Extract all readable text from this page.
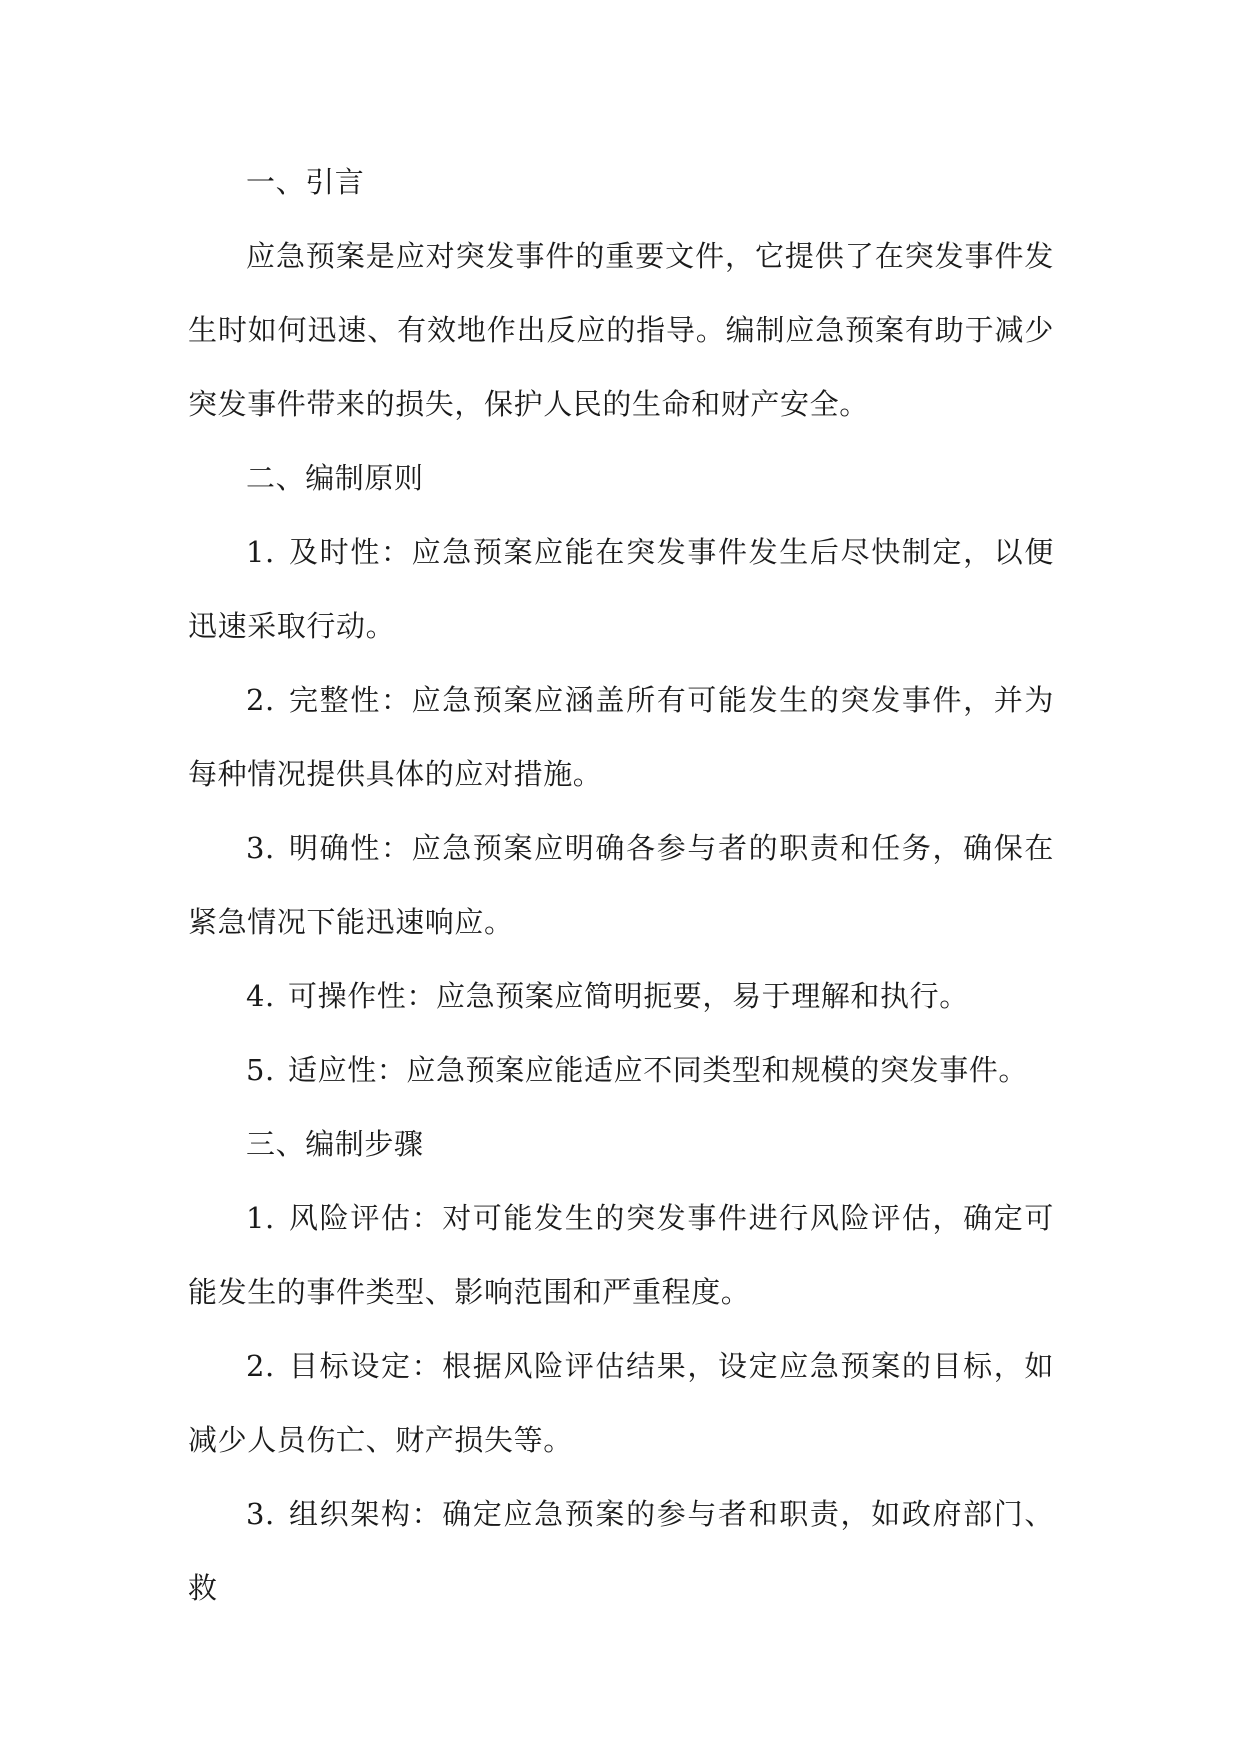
一、引言

应急预案是应对突发事件的重要文件，它提供了在突发事件发生时如何迅速、有效地作出反应的指导。编制应急预案有助于减少突发事件带来的损失，保护人民的生命和财产安全。

二、编制原则

1. 及时性：应急预案应能在突发事件发生后尽快制定，以便迅速采取行动。

2. 完整性：应急预案应涵盖所有可能发生的突发事件，并为每种情况提供具体的应对措施。

3. 明确性：应急预案应明确各参与者的职责和任务，确保在紧急情况下能迅速响应。

4. 可操作性：应急预案应简明扼要，易于理解和执行。

5. 适应性：应急预案应能适应不同类型和规模的突发事件。

三、编制步骤

1. 风险评估：对可能发生的突发事件进行风险评估，确定可能发生的事件类型、影响范围和严重程度。

2. 目标设定：根据风险评估结果，设定应急预案的目标，如减少人员伤亡、财产损失等。

3. 组织架构：确定应急预案的参与者和职责，如政府部门、救
